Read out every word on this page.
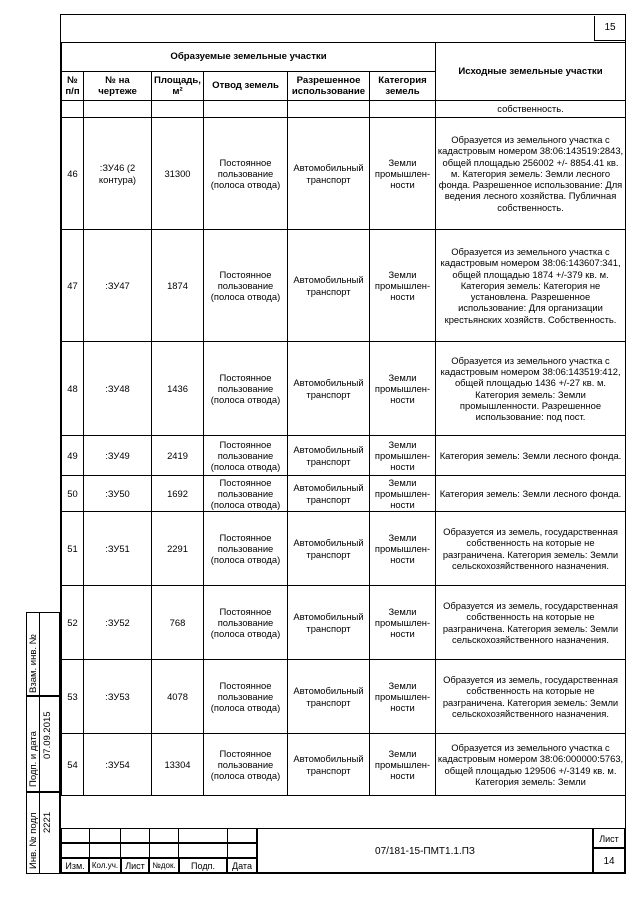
15
Образуемые земельные участки						Исходные земельные участки
№ п/п	№ на чертеже	Площадь, м²	Отвод земель	Разрешенное использование	Категория земель	
						собственность.
46	:ЗУ46 (2 контура)	31300	Постоянное пользование (полоса отвода)	Автомобильный транспорт	Земли промышлен-ности	Образуется из земельного участка с кадастровым номером 38:06:143519:2843, общей площадью 256002 +/- 8854.41 кв. м. Категория земель: Земли лесного фонда. Разрешенное использование: Для ведения лесного хозяйства. Публичная собственность.
47	:ЗУ47	1874	Постоянное пользование (полоса отвода)	Автомобильный транспорт	Земли промышлен-ности	Образуется из земельного участка с кадастровым номером 38:06:143607:341, общей площадью 1874 +/-379 кв. м. Категория земель: Категория не установлена. Разрешенное использование: Для организации крестьянских хозяйств. Собственность.
48	:ЗУ48	1436	Постоянное пользование (полоса отвода)	Автомобильный транспорт	Земли промышлен-ности	Образуется из земельного участка с кадастровым номером 38:06:143519:412, общей площадью 1436 +/-27 кв. м. Категория земель: Земли промышленности. Разрешенное использование: под пост.
49	:ЗУ49	2419	Постоянное пользование (полоса отвода)	Автомобильный транспорт	Земли промышлен-ности	Категория земель: Земли лесного фонда.
50	:ЗУ50	1692	Постоянное пользование (полоса отвода)	Автомобильный транспорт	Земли промышлен-ности	Категория земель: Земли лесного фонда.
51	:ЗУ51	2291	Постоянное пользование (полоса отвода)	Автомобильный транспорт	Земли промышлен-ности	Образуется из земель, государственная собственность на которые не разграничена. Категория земель: Земли сельскохозяйственного назначения.
52	:ЗУ52	768	Постоянное пользование (полоса отвода)	Автомобильный транспорт	Земли промышлен-ности	Образуется из земель, государственная собственность на которые не разграничена. Категория земель: Земли сельскохозяйственного назначения.
53	:ЗУ53	4078	Постоянное пользование (полоса отвода)	Автомобильный транспорт	Земли промышлен-ности	Образуется из земель, государственная собственность на которые не разграничена. Категория земель: Земли сельскохозяйственного назначения.
54	:ЗУ54	13304	Постоянное пользование (полоса отвода)	Автомобильный транспорт	Земли промышлен-ности	Образуется из земельного участка с кадастровым номером 38:06:000000:5763, общей площадью 129506 +/-3149 кв. м. Категория земель: Земли

Взам. инв. №
Подп. и дата 07.09.2015
Инв. № подл 2221
Изм. Кол.уч. Лист №док.	Подп.	Дата
07/181-15-ПМТ1.1.ПЗ
Лист
14
